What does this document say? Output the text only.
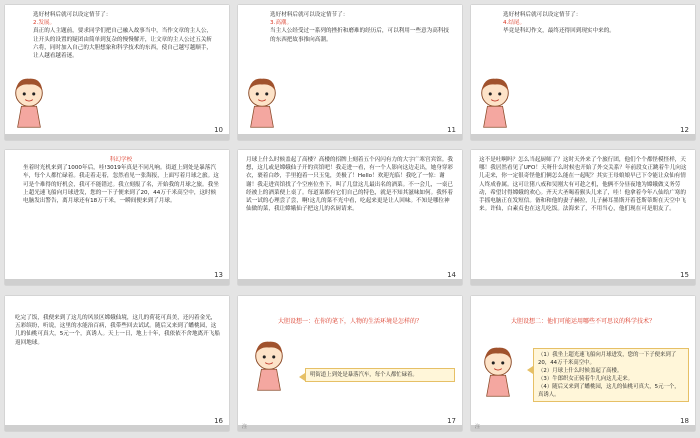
选好材料后就可以设定情节了：

2.发展。

真正的人主题前，要求同学们把自己融入故事当中，当作文章的主人公，让开头的设置的疑团由简单到复杂的慢慢解开，让文章的主人公过五关斩六将，同时加入自己的大胆想象和科学技术的东西，使自己越写越顺手，让人越看越着迷。

10

选好材料后就可以设定情节了：

3.高潮。

当主人公经受过一系列的挫折和磨难的经历后，可以利用一些意为高科技的东西把故事推向高潮。

11

选好材料后就可以设定情节了：

4.结尾。

毕竟是科幻作文，最终还得回到现实中来的。

12

科幻学校

坐着时光机来到了1000年后，哇!3019年真是不同凡响。街道上到处是暴落汽车，每个人都忙碌着。我走着走着，忽然看见一张海报，上面写着月球之旅。这可是个难得的好机会，我可不能错过。我立刻报了名，开始我的月球之旅。我坐上超光速飞船向月球进发，您的一下子便来到了20，44万千米高空中，这时候电脑发出警告，离月球还有18万千米，一瞬间便来到了月球。

13

月球上什么时候盖起了高楼？高楼的招牌上刻着五个闪闪有力的大字广寒宫宾馆。我想，这儿或是嫦娥仙子开的宾馆吧！我走进一看，有一个人影向这边走出，她身穿彩衣，裹着白纱，手里抱着一只玉兔，美极了！Hello！欢迎光临！我吃了一惊：谢谢！我走进宾馆找了个空座位坐下，叫了几盘这儿最出名的酒菜。不一会儿，一桌已经被上的酒菜便上桌了。每道菜都有它们自己的特色，就是不知其滋味如何。我怀着试一试的心理尝了尝，啊!这儿的菜不光中看，吃起来更是让人回味。不知是哪位神仙做的菜，我让嫦娥仙子把这儿的名厨请来。

14

这不是吐啊吗？怎么当起厨师了？这时天外来了个旅行团，他们个个都怪模怪样，天哪！我居然看见了UFO！天呀什么时候也开始了外交关系？年前段女正跳着牛儿向这儿走来，你一定很奇怪他们俩怎么能在一起呢？其实王母娘娘早已下令能让众仙有情人终成眷属。这可让猪八戒和吴刚大有可趁之机，他俩不分昼夜地为嫦娥做义务劳动，希望讨得嫦娥的欢心。齐天大圣喝着猴头儿来了，哇！他拿着今年八仙给广寒的手摇电脑正在发短信。备和和他的妻子赫拉，儿子赫耳墨斯开着苍斯蒂斯在天空中飞来。许仙，白素贞也在这儿吃饭。法海来了，不用当心，他们现在可是朋友了。

15

吃完了饭，我便来到了这儿的风景区嫦娥仙境，这儿的荷花可真美，还闪着金光，五彩缤纷，听说，这里的水能治百病，我带些回去试试。随后又来到了蟠桃园，这儿的仙桃可真大，5元一个，真诱人。天上一日，地上十年，我依依不舍地离开飞船返回地球。

16
大胆设想一：在你的笔下，人物的生活环境是怎样的？
明街道上到处是暴落汽车，每个人都忙碌着。
注
17
大胆设想二：他们可能运用哪些不可思议的科学技术？
（1）我坐上超光速飞船向月球进发，您的一下子便来到了20，44万千米高空中。
（2）月球上什么时候盖起了高楼。
（3）牛郎织女正骑着牛儿向这儿走来。
（4）随后又来到了蟠桃园，这儿的仙桃可真大，5元一个，真诱人。
注
18
